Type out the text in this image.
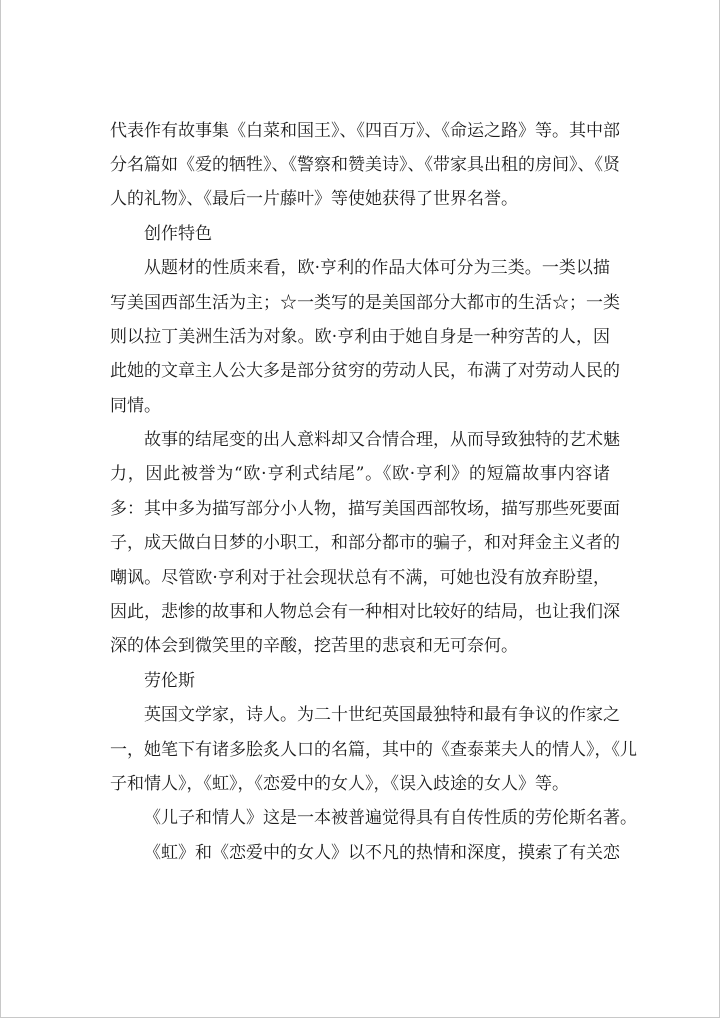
代表作有故事集《白菜和国王》、《四百万》、《命运之路》等。其中部
分名篇如《爱的牺牲》、《警察和赞美诗》、《带家具出租的房间》、《贤
人的礼物》、《最后一片藤叶》等使她获得了世界名誉。
创作特色
从题材的性质来看，欧·亨利的作品大体可分为三类。一类以描
写美国西部生活为主；☆一类写的是美国部分大都市的生活☆；一类
则以拉丁美洲生活为对象。欧·亨利由于她自身是一种穷苦的人，因
此她的文章主人公大多是部分贫穷的劳动人民，布满了对劳动人民的
同情。
故事的结尾变的出人意料却又合情合理，从而导致独特的艺术魅
力，因此被誉为“欧·亨利式结尾”。《欧·亨利》的短篇故事内容诸
多：其中多为描写部分小人物，描写美国西部牧场，描写那些死要面
子，成天做白日梦的小职工，和部分都市的骗子，和对拜金主义者的
嘲讽。尽管欧·亨利对于社会现状总有不满，可她也没有放弃盼望，
因此，悲惨的故事和人物总会有一种相对比较好的结局，也让我们深
深的体会到微笑里的辛酸，挖苦里的悲哀和无可奈何。
劳伦斯
英国文学家，诗人。为二十世纪英国最独特和最有争议的作家之
一，她笔下有诸多脍炙人口的名篇，其中的《查泰莱夫人的情人》，《儿
子和情人》，《虹》，《恋爱中的女人》，《误入歧途的女人》等。
《儿子和情人》这是一本被普遍觉得具有自传性质的劳伦斯名著。
《虹》和《恋爱中的女人》以不凡的热情和深度，摸索了有关恋
